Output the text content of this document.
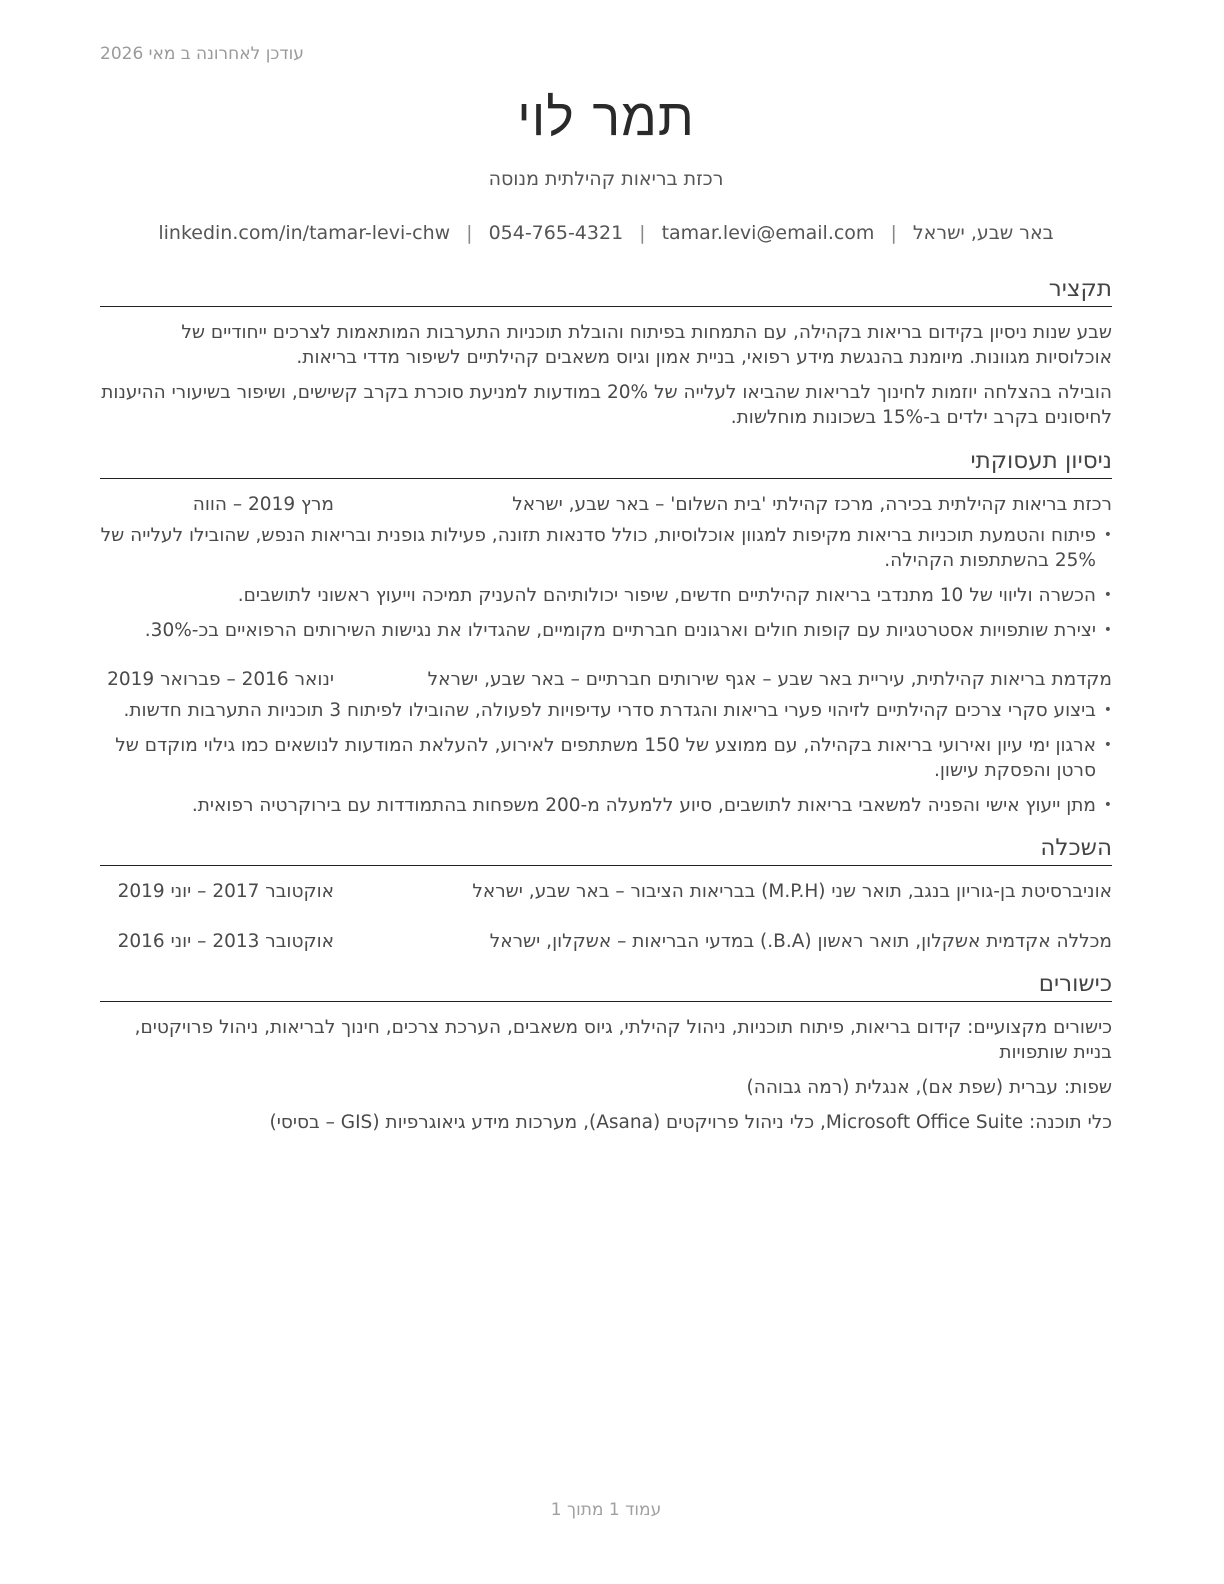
עודכן לאחרונה ב מאי 2026
תמר לוי
רכזת בריאות קהילתית מנוסה
באר שבע, ישראל|tamar.levi@email.com|054-765-4321|linkedin.com/in/tamar-levi-chw
תקציר

שבע שנות ניסיון בקידום בריאות בקהילה, עם התמחות בפיתוח והובלת תוכניות התערבות המותאמות לצרכים ייחודיים של אוכלוסיות מגוונות. מיומנת בהנגשת מידע רפואי, בניית אמון וגיוס משאבים קהילתיים לשיפור מדדי בריאות.

הובילה בהצלחה יוזמות לחינוך לבריאות שהביאו לעלייה של 20% במודעות למניעת סוכרת בקרב קשישים, ושיפור בשיעורי ההיענות לחיסונים בקרב ילדים ב-15% בשכונות מוחלשות.

ניסיון תעסוקתי
רכזת בריאות קהילתית בכירה, מרכז קהילתי 'בית השלום' – באר שבע, ישראל
מרץ 2019 – הווה
• פיתוח והטמעת תוכניות בריאות מקיפות למגוון אוכלוסיות, כולל סדנאות תזונה, פעילות גופנית ובריאות הנפש, שהובילו לעלייה של 25% בהשתתפות הקהילה.
• הכשרה וליווי של 10 מתנדבי בריאות קהילתיים חדשים, שיפור יכולותיהם להעניק תמיכה וייעוץ ראשוני לתושבים.
• יצירת שותפויות אסטרטגיות עם קופות חולים וארגונים חברתיים מקומיים, שהגדילו את נגישות השירותים הרפואיים בכ-30%.
מקדמת בריאות קהילתית, עיריית באר שבע – אגף שירותים חברתיים – באר שבע, ישראל
ינואר 2016 – פברואר 2019
• ביצוע סקרי צרכים קהילתיים לזיהוי פערי בריאות והגדרת סדרי עדיפויות לפעולה, שהובילו לפיתוח 3 תוכניות התערבות חדשות.
• ארגון ימי עיון ואירועי בריאות בקהילה, עם ממוצע של 150 משתתפים לאירוע, להעלאת המודעות לנושאים כמו גילוי מוקדם של סרטן והפסקת עישון.
• מתן ייעוץ אישי והפניה למשאבי בריאות לתושבים, סיוע ללמעלה מ-200 משפחות בהתמודדות עם בירוקרטיה רפואית.
השכלה
אוניברסיטת בן-גוריון בנגב, תואר שני (M.P.H) בבריאות הציבור – באר שבע, ישראל
אוקטובר 2017 – יוני 2019
מכללה אקדמית אשקלון, תואר ראשון (B.A.) במדעי הבריאות – אשקלון, ישראל
אוקטובר 2013 – יוני 2016
כישורים
כישורים מקצועיים: קידום בריאות, פיתוח תוכניות, ניהול קהילתי, גיוס משאבים, הערכת צרכים, חינוך לבריאות, ניהול פרויקטים, בניית שותפויות
שפות: עברית (שפת אם), אנגלית (רמה גבוהה)
כלי תוכנה: Microsoft Office Suite, כלי ניהול פרויקטים (Asana), מערכות מידע גיאוגרפיות (GIS – בסיסי)
עמוד 1 מתוך 1
